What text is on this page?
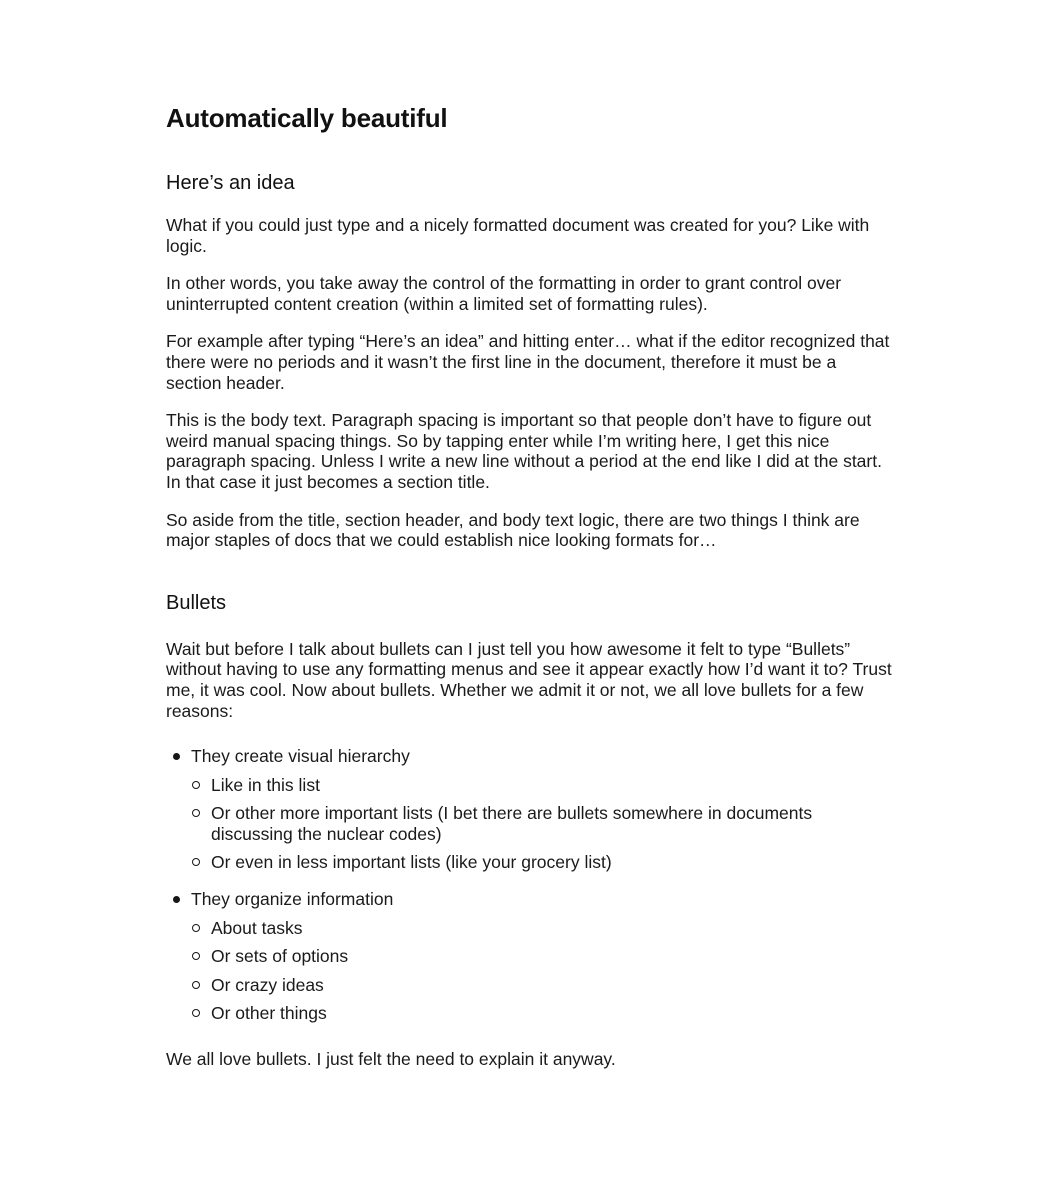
Automatically beautiful
Here’s an idea

What if you could just type and a nicely formatted document was created for you? Like with logic.

In other words, you take away the control of the formatting in order to grant control over uninterrupted content creation (within a limited set of formatting rules).

For example after typing “Here’s an idea” and hitting enter… what if the editor recognized that there were no periods and it wasn’t the first line in the document, therefore it must be a section header.

This is the body text. Paragraph spacing is important so that people don’t have to figure out weird manual spacing things. So by tapping enter while I’m writing here, I get this nice paragraph spacing. Unless I write a new line without a period at the end like I did at the start. In that case it just becomes a section title.

So aside from the title, section header, and body text logic, there are two things I think are major staples of docs that we could establish nice looking formats for…

Bullets

Wait but before I talk about bullets can I just tell you how awesome it felt to type “Bullets” without having to use any formatting menus and see it appear exactly how I’d want it to? Trust me, it was cool. Now about bullets. Whether we admit it or not, we all love bullets for a few reasons:

They create visual hierarchy
Like in this list
Or other more important lists (I bet there are bullets somewhere in documents discussing the nuclear codes)
Or even in less important lists (like your grocery list)
They organize information
About tasks
Or sets of options
Or crazy ideas
Or other things

We all love bullets. I just felt the need to explain it anyway.
